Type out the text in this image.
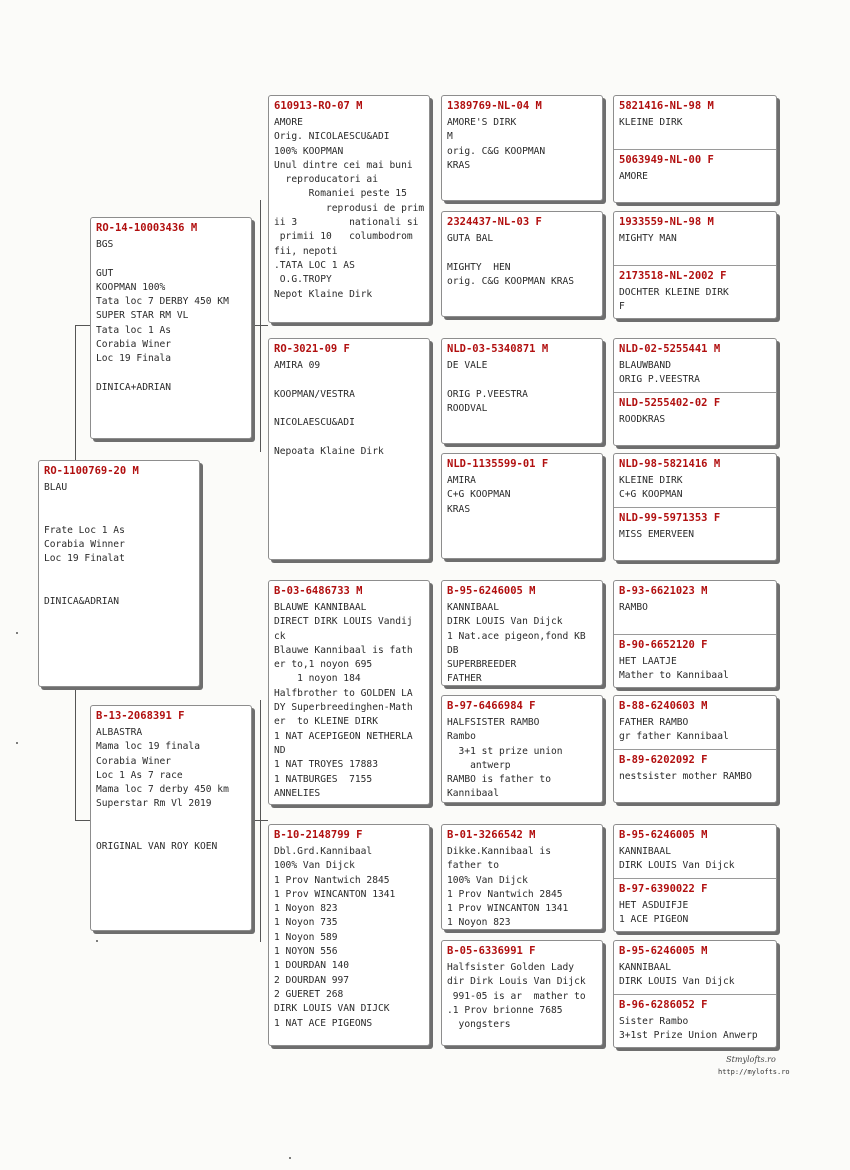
RO-1100769-20 M
BLAU

Frate Loc 1 As
Corabia Winner
Loc 19 Finalat

DINICA&ADRIAN
RO-14-10003436 M
BGS

GUT
KOOPMAN 100%
Tata loc 7 DERBY 450 KM
SUPER STAR RM VL
Tata loc 1 As
Corabia Winer
Loc 19 Finala

DINICA+ADRIAN
B-13-2068391 F
ALBASTRA
Mama loc 19 finala
Corabia Winer
Loc 1 As 7 race
Mama loc 7 derby 450 km
Superstar Rm Vl 2019

ORIGINAL VAN ROY KOEN
610913-RO-07 M
AMORE
Orig. NICOLAESCU&ADI
100% KOOPMAN
Unul dintre cei mai buni
reproducatori ai
Romaniei peste 15
reprodusi de prim
ii 3         nationali si
primii 10   columbodrom
fii, nepoti
.TATA LOC 1 AS
O.G.TROPY
Nepot Klaine Dirk
RO-3021-09 F
AMIRA 09

KOOPMAN/VESTRA

NICOLAESCU&ADI

Nepoata Klaine Dirk
B-03-6486733 M
BLAUWE KANNIBAAL
DIRECT DIRK LOUIS Vandij
ck
Blauwe Kannibaal is fath
er to,1 noyon 695
1 noyon 184
Halfbrother to GOLDEN LA
DY Superbreedinghen-Math
er  to KLEINE DIRK
1 NAT ACEPIGEON NETHERLA
ND
1 NAT TROYES 17883
1 NATBURGES  7155
ANNELIES
B-10-2148799 F
Dbl.Grd.Kannibaal
100% Van Dijck
1 Prov Nantwich 2845
1 Prov WINCANTON 1341
1 Noyon 823
1 Noyon 735
1 Noyon 589
1 NOYON 556
1 DOURDAN 140
2 DOURDAN 997
2 GUERET 268
DIRK LOUIS VAN DIJCK
1 NAT ACE PIGEONS
1389769-NL-04 M
AMORE'S DIRK
M
orig. C&G KOOPMAN
KRAS
2324437-NL-03 F
GUTA BAL

MIGHTY  HEN
orig. C&G KOOPMAN KRAS
NLD-03-5340871 M
DE VALE

ORIG P.VEESTRA
ROODVAL
NLD-1135599-01 F
AMIRA
C+G KOOPMAN
KRAS
B-95-6246005 M
KANNIBAAL
DIRK LOUIS Van Dijck
1 Nat.ace pigeon,fond KB
DB
SUPERBREEDER
FATHER
B-97-6466984 F
HALFSISTER RAMBO
Rambo
3+1 st prize union
antwerp
RAMBO is father to
Kannibaal
B-01-3266542 M
Dikke.Kannibaal is
father to
100% Van Dijck
1 Prov Nantwich 2845
1 Prov WINCANTON 1341
1 Noyon 823
B-05-6336991 F
Halfsister Golden Lady
dir Dirk Louis Van Dijck
991-05 is ar  mather to
.1 Prov brionne 7685
yongsters
5821416-NL-98 M
KLEINE DIRK
5063949-NL-00 F
AMORE
1933559-NL-98 M
MIGHTY MAN
2173518-NL-2002 F
DOCHTER KLEINE DIRK
F
NLD-02-5255441 M
BLAUWBAND
ORIG P.VEESTRA
NLD-5255402-02 F
ROODKRAS
NLD-98-5821416 M
KLEINE DIRK
C+G KOOPMAN
NLD-99-5971353 F
MISS EMERVEEN
B-93-6621023 M
RAMBO
B-90-6652120 F
HET LAATJE
Mather to Kannibaal
B-88-6240603 M
FATHER RAMBO
gr father Kannibaal
B-89-6202092 F
nestsister mother RAMBO
B-95-6246005 M
KANNIBAAL
DIRK LOUIS Van Dijck
B-97-6390022 F
HET ASDUIFJE
1 ACE PIGEON
B-95-6246005 M
KANNIBAAL
DIRK LOUIS Van Dijck
B-96-6286052 F
Sister Rambo
3+1st Prize Union Anwerp
Stmylofts.ro
http://mylofts.ro
